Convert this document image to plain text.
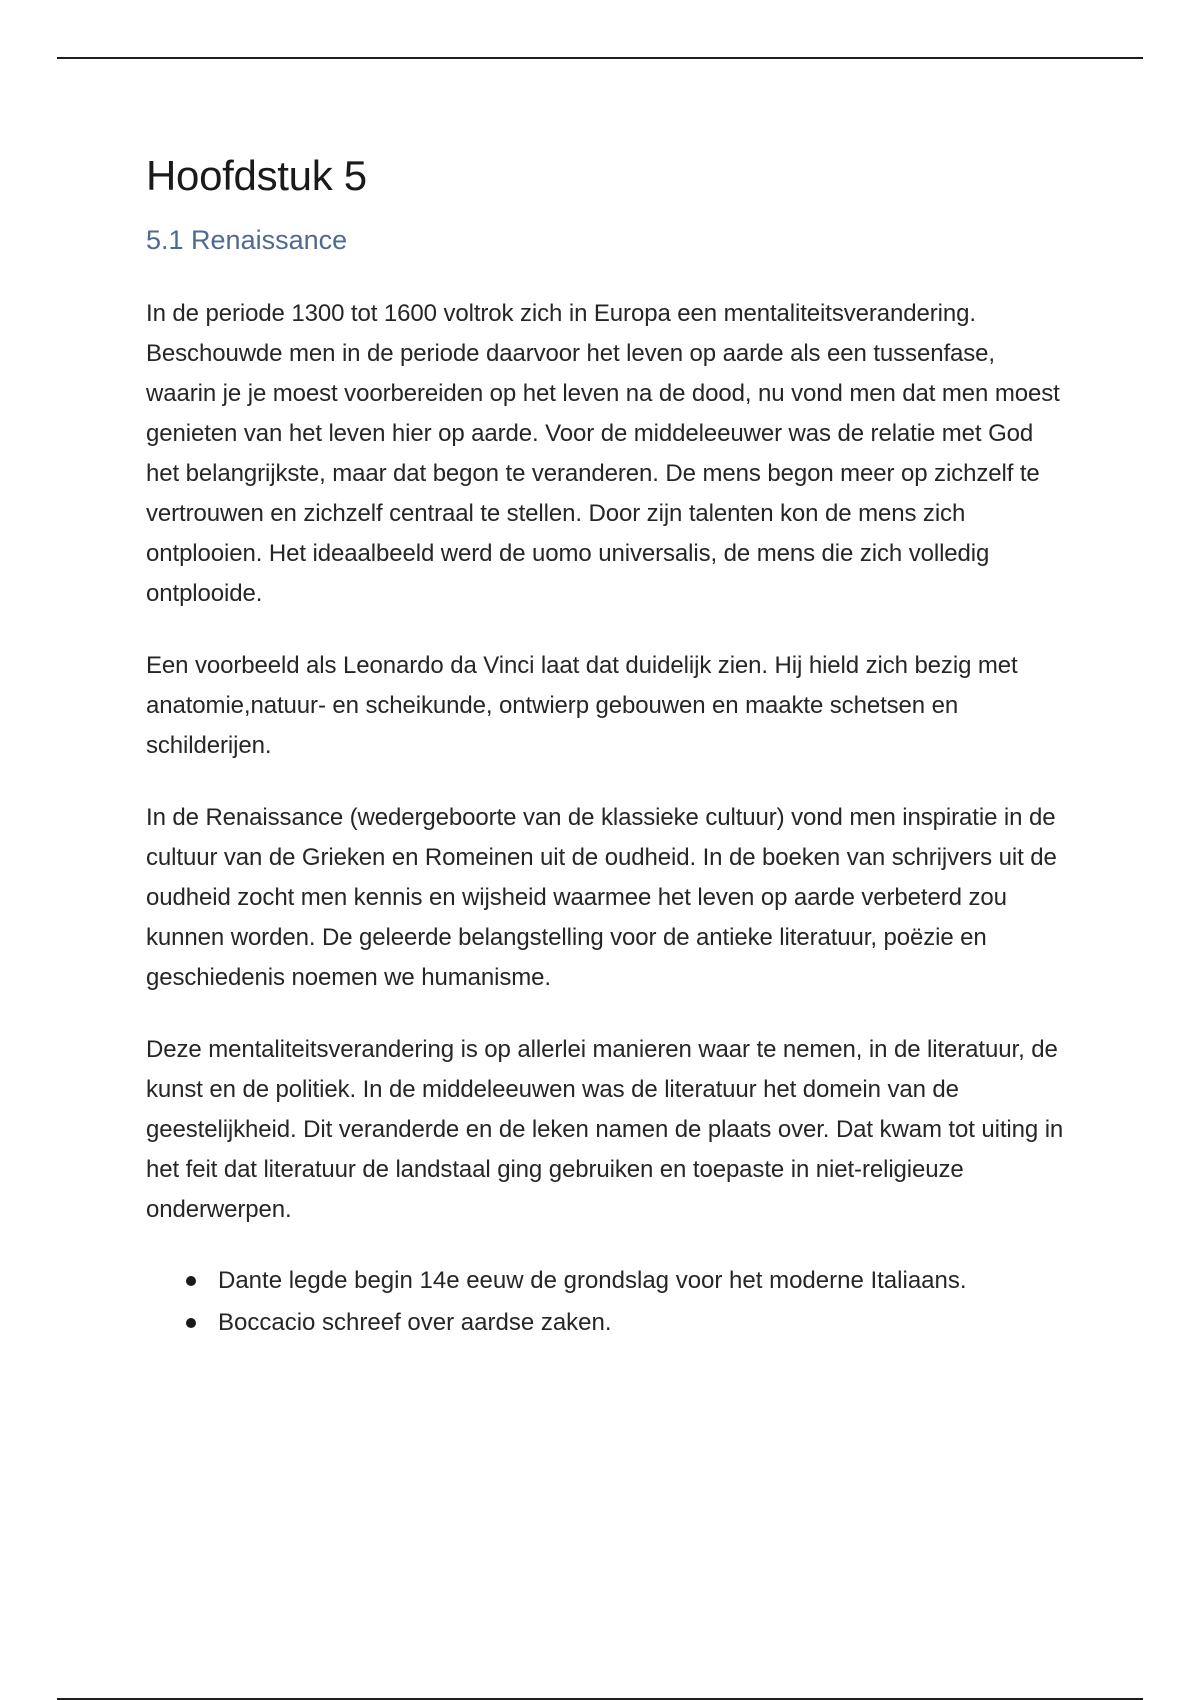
Hoofdstuk 5
5.1 Renaissance

In de periode 1300 tot 1600 voltrok zich in Europa een mentaliteitsverandering. Beschouwde men in de periode daarvoor het leven op aarde als een tussenfase, waarin je je moest voorbereiden op het leven na de dood, nu vond men dat men moest genieten van het leven hier op aarde. Voor de middeleeuwer was de relatie met God het belangrijkste, maar dat begon te veranderen. De mens begon meer op zichzelf te vertrouwen en zichzelf centraal te stellen. Door zijn talenten kon de mens zich ontplooien. Het ideaalbeeld werd de uomo universalis, de mens die zich volledig ontplooide.

Een voorbeeld als Leonardo da Vinci laat dat duidelijk zien. Hij hield zich bezig met anatomie,natuur- en scheikunde, ontwierp gebouwen en maakte schetsen en schilderijen.

In de Renaissance (wedergeboorte van de klassieke cultuur) vond men inspiratie in de cultuur van de Grieken en Romeinen uit de oudheid. In de boeken van schrijvers uit de oudheid zocht men kennis en wijsheid waarmee het leven op aarde verbeterd zou kunnen worden. De geleerde belangstelling voor de antieke literatuur, poëzie en geschiedenis noemen we humanisme.

Deze mentaliteitsverandering is op allerlei manieren waar te nemen, in de literatuur, de kunst en de politiek. In de middeleeuwen was de literatuur het domein van de geestelijkheid. Dit veranderde en de leken namen de plaats over. Dat kwam tot uiting in het feit dat literatuur de landstaal ging gebruiken en toepaste in niet-religieuze onderwerpen.

Dante legde begin 14e eeuw de grondslag voor het moderne Italiaans.
Boccacio schreef over aardse zaken.
